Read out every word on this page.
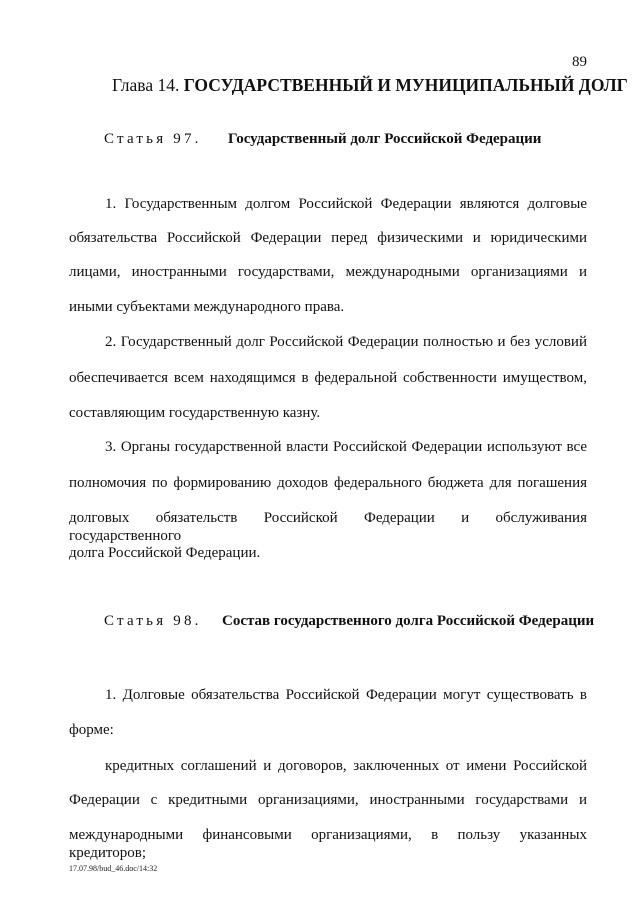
89
Глава 14. ГОСУДАРСТВЕННЫЙ И МУНИЦИПАЛЬНЫЙ ДОЛГ
Статья 97. Государственный долг Российской Федерации
1. Государственным долгом Российской Федерации являются долговые
обязательства Российской Федерации перед физическими и юридическими
лицами, иностранными государствами, международными организациями и
иными субъектами международного права.
2. Государственный долг Российской Федерации полностью и без условий
обеспечивается всем находящимся в федеральной собственности имуществом,
составляющим государственную казну.
3. Органы государственной власти Российской Федерации используют все
полномочия по формированию доходов федерального бюджета для погашения
долговых обязательств Российской Федерации и обслуживания государственного
долга Российской Федерации.
Статья 98. Состав государственного долга Российской Федерации
1. Долговые обязательства Российской Федерации могут существовать в
форме:
кредитных соглашений и договоров, заключенных от имени Российской
Федерации с кредитными организациями, иностранными государствами и
международными финансовыми организациями, в пользу указанных кредиторов;
17.07.98/bud_46.doc/14:32
